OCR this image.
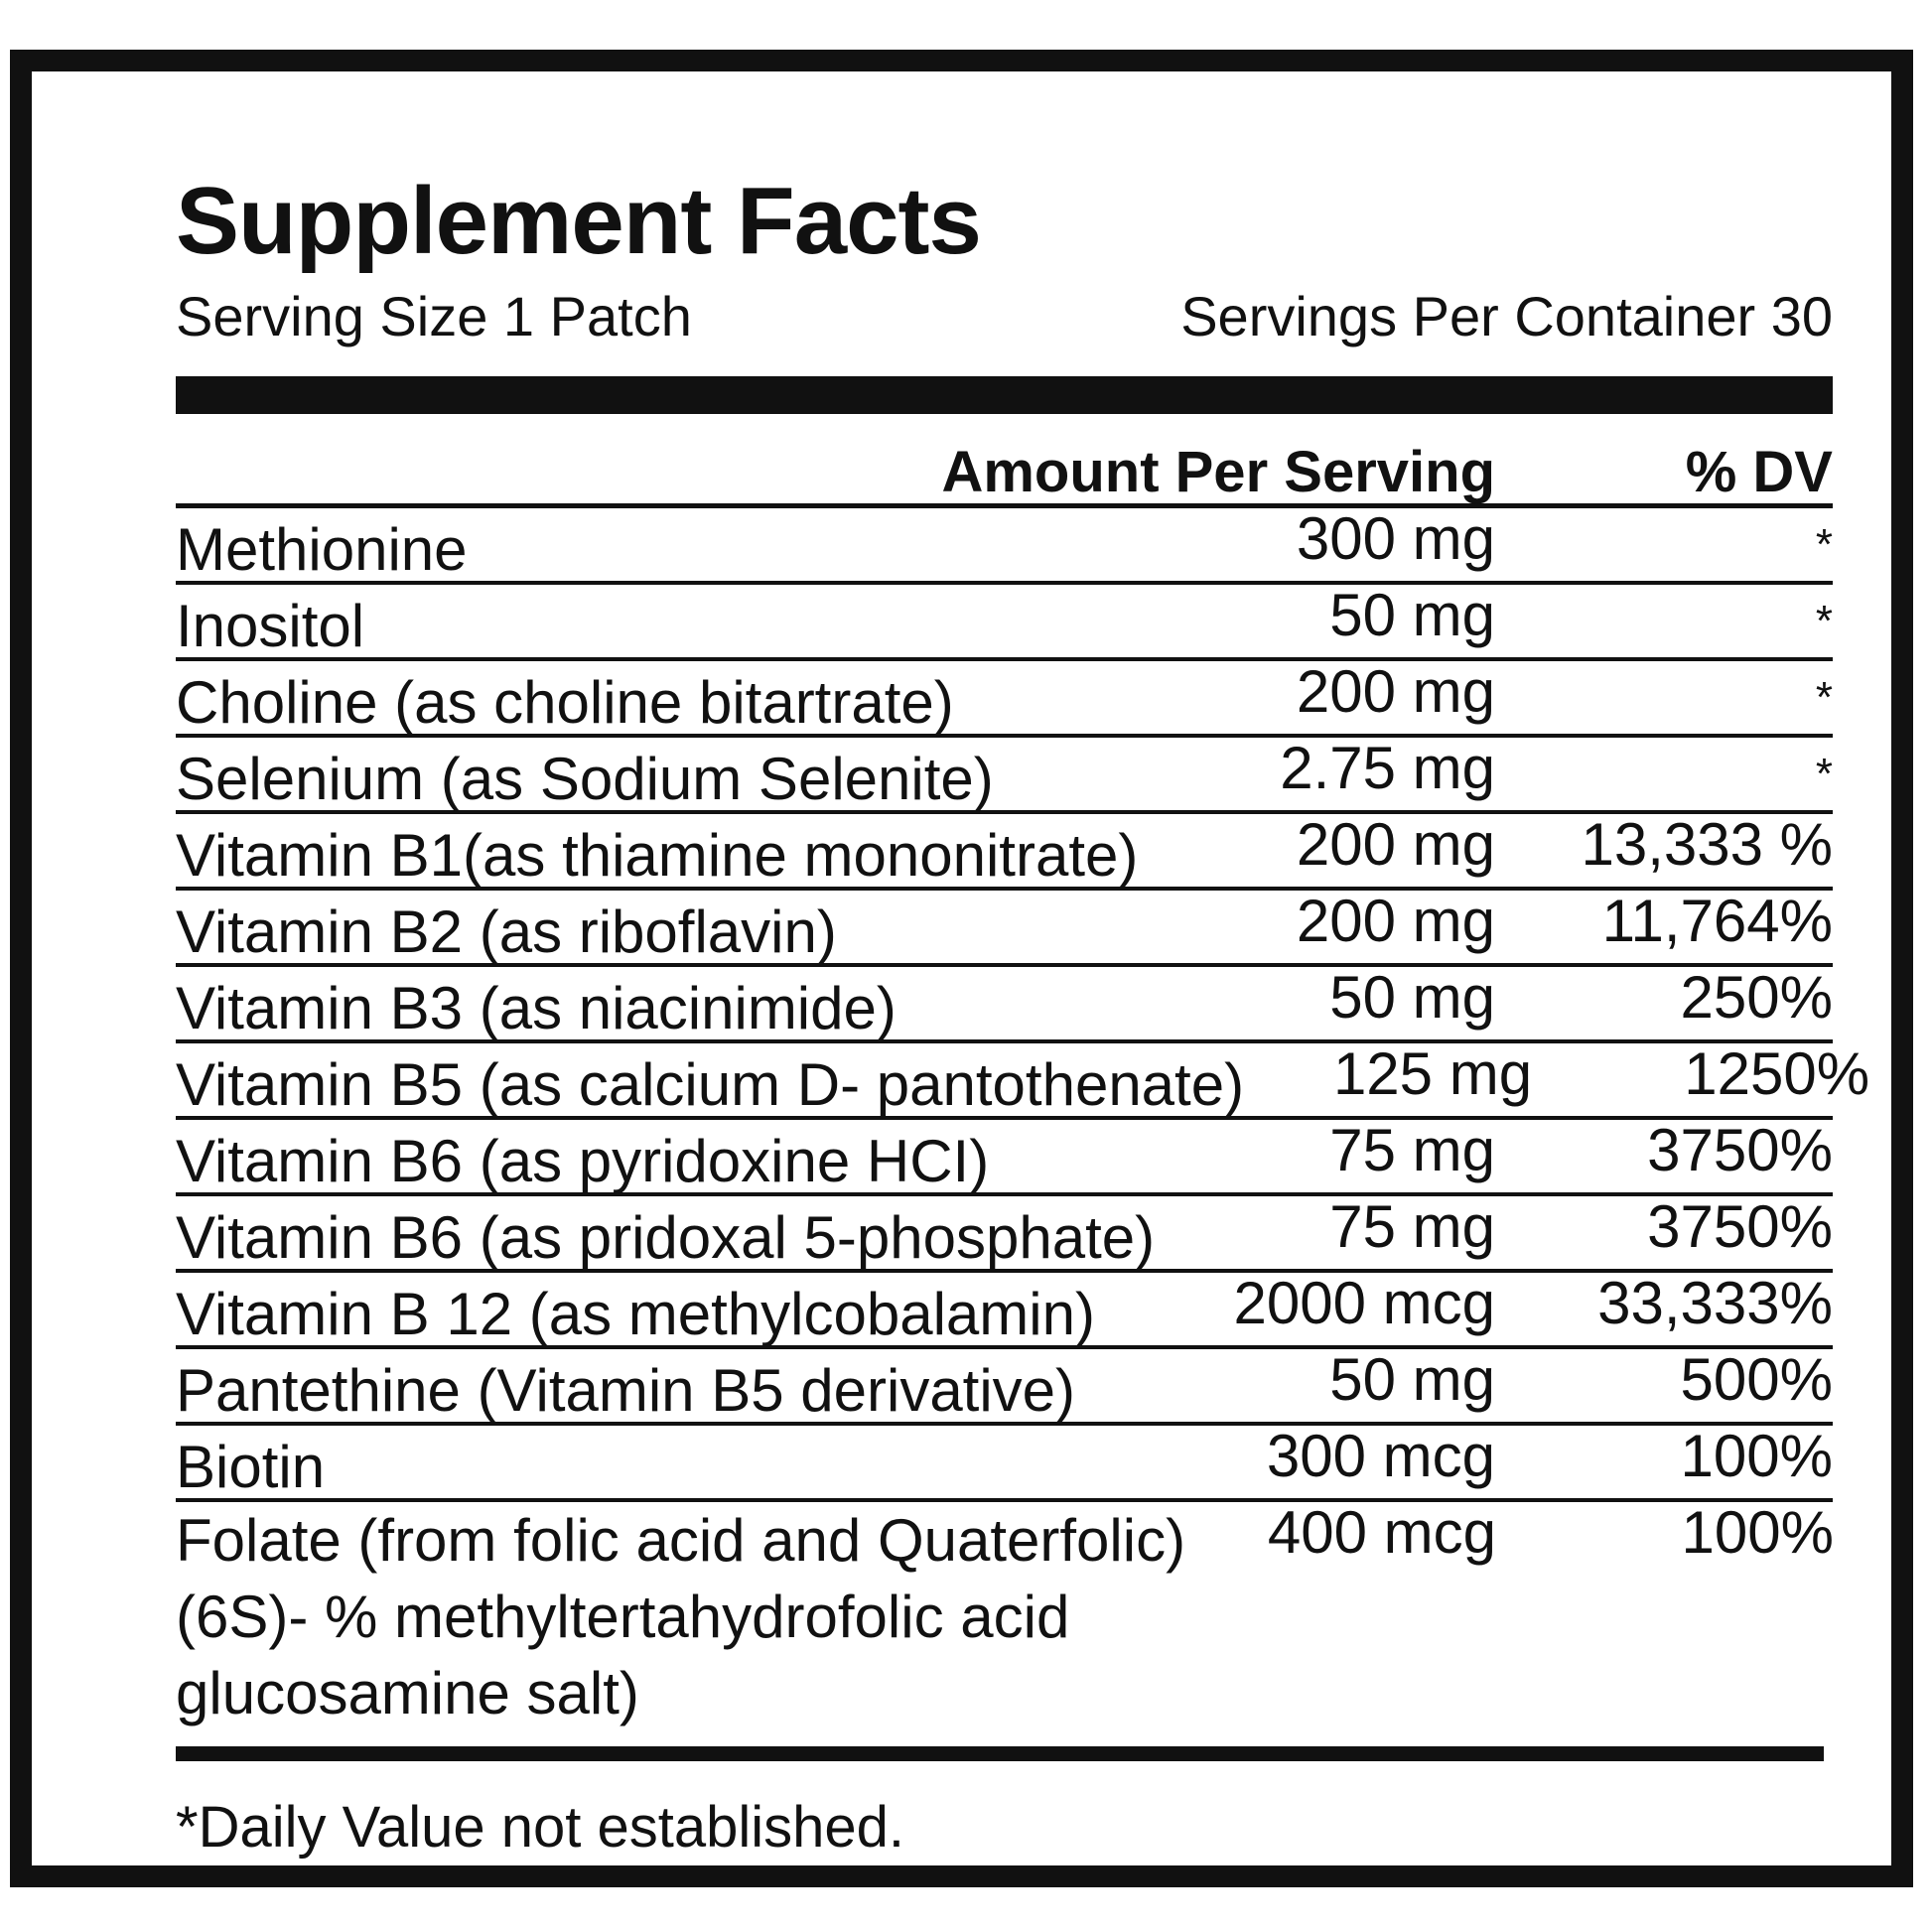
Supplement Facts
Serving Size 1 Patch	Servings Per Container 30
Amount Per Serving	% DV
Methionine	300 mg	*
Inositol	50 mg	*
Choline (as choline bitartrate)	200 mg	*
Selenium (as Sodium Selenite)	2.75 mg	*
Vitamin B1(as thiamine mononitrate)	200 mg	13,333 %
Vitamin B2 (as riboflavin)	200 mg	11,764%
Vitamin B3 (as niacinimide)	50 mg	250%
Vitamin B5 (as calcium D- pantothenate)	125 mg	1250%
Vitamin B6 (as pyridoxine HCI)	75 mg	3750%
Vitamin B6 (as pridoxal 5-phosphate)	75 mg	3750%
Vitamin B 12 (as methylcobalamin)	2000 mcg	33,333%
Pantethine (Vitamin B5 derivative)	50 mg	500%
Biotin	300 mcg	100%
Folate (from folic acid and Quaterfolic)
(6S)- % methyltertahydrofolic acid
glucosamine salt)
400 mcg	100%
*Daily Value not established.
